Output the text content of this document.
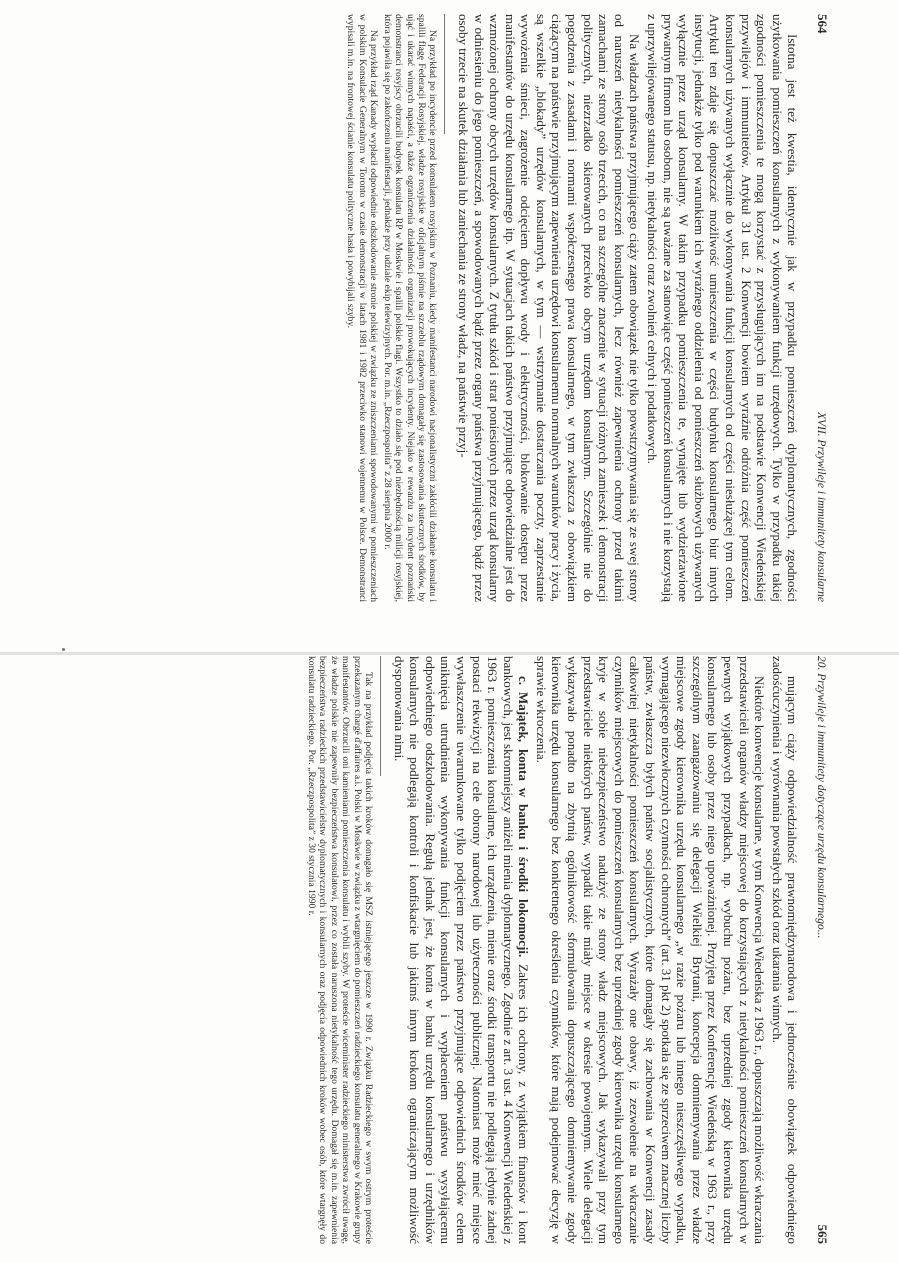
564
XVII. Przywileje i immunitety konsularne

Istotna jest też kwestia, identycznie jak w przypadku pomieszczeń dyplomatycznych, zgodności użytkowania pomieszczeń konsularnych z wykonywaniem funkcji urzędowych. Tylko w przypadku takiej zgodności pomieszczenia te mogą korzystać z przysługujących im na podstawie Konwencji Wiedeńskiej przywilejów i immunitetów. Artykuł 31 ust. 2 Konwencji bowiem wyraźnie odróżnia część pomieszczeń konsularnych używanych wyłącznie do wykonywania funkcji konsularnych od części niesłużącej tym celom. Artykuł ten zdaje się dopuszczać możliwość umieszczenia w części budynku konsularnego biur innych instytucji, jednakże tylko pod warunkiem ich wyraźnego oddzielenia od pomieszczeń służbowych używanych wyłącznie przez urząd konsularny. W takim przypadku pomieszczenia te, wynajęte lub wydzierżawione prywatnym firmom lub osobom, nie są uważane za stanowiące część pomieszczeń konsularnych i nie korzystają z uprzywilejowanego statusu, np. nietykalności oraz zwolnień celnych i podatkowych.

Na władzach państwa przyjmującego ciąży zatem obowiązek nie tylko powstrzymywania się ze swej strony od naruszeń nietykalności pomieszczeń konsularnych, lecz również zapewnienia ochrony przed takimi zamachami ze strony osób trzecich, co ma szczególne znaczenie w sytuacji różnych zamieszek i demonstracji politycznych, niezrzadko skierowanych przeciwko obcym urzędom konsularnym. Szczególnie nie do pogodzenia z zasadami i normami współczesnego prawa konsularnego, w tym zwłaszcza z obowiązkiem ciążącym na państwie przyjmującym zapewnienia urzędowi konsularnemu normalnych warunków pracy i życia, są wszelkie „blokady” urzędów konsularnych, w tym — wstrzymanie dostarczania poczty, zaprzestanie wywożenia śmieci, zagrożenie odcięciem dopływu wody i elektryczności, blokowanie dostępu przez manifestantów do urzędu konsularnego itp. W sytuacjach takich państwo przyjmujące odpowiedzialne jest do wzmożonej ochrony obcych urzędów konsularnych. Z tytułu szkód i strat poniesionych przez urząd konsularny w odniesieniu do jego pomieszczeń, a spowodowanych bądź przez organy państwa przyjmującego, bądź przez osoby trzecie na skutek działania lub zaniechania ze strony władz, na państwie przyj-

Na przykład po incydencie przed konsulatem rosyjskim w Poznaniu, kiedy manifestanci narodowi nacjonalistyczni zakłócili działanie konsulatu i spalili flagę Federacji Rosyjskiej, władze rosyjskie w oficjalnym piśmie na szczeblu rządowym domagały się zastosowania skutecznych środków, by ująć i ukarać winnych napaści, a także ograniczenia działalności organizacji prowokujących incydenty. Niejako w rewanżu za incydent poznański demonstranci rosyjscy obrzucili budynek konsulatu RP w Moskwie i spalili polskie flagi. Wszystko to działo się pod niezbędnością milicji rosyjskiej, która pojawiła się po zakończeniu manifestacji, jednakże przy udziale ekip telewizyjnych. Por. m.in. „Rzeczpospolita” z 28 sierpnia 2000 r.

Na przykład rząd Kanady wypłacił odpowiednie odszkodowanie stronie polskiej w związku ze zniszczeniami spowodowanymi w pomieszczeniach w polskim Konsulacie Generalnym w Toronto w czasie demonstracji w latach 1981 i 1982 przeciwko stanowi wojennemu w Polsce. Demonstranci wypisali m.in. na frontowej ścianie konsulatu polityczne hasła i powybijali szyby.

20. Przywileje i immunitety dotyczące urzędu konsularnego...
565

mującym ciąży odpowiedzialność prawnomiędzynarodowa i jednocześnie obowiązek odpowiedniego zadośćuczynienia i wyrównania powstałych szkód oraz ukarania winnych.

Niektóre konwencje konsularne, w tym Konwencja Wiedeńska z 1963 r., dopuszczają możliwość wkraczania przedstawicieli organów władzy miejscowej do korzystających z nietykalności pomieszczeń konsularnych w pewnych wyjątkowych przypadkach, np. wybuchu pożaru, bez uprzedniej zgody kierownika urzędu konsularnego lub osoby przez niego upoważnionej. Przyjęta przez Konferencję Wiedeńską w 1963 r., przy szczególnym zaangażowaniu się delegacji Wielkiej Brytanii, koncepcja domniemywania przez władze miejscowe zgody kierownika urzędu konsularnego „w razie pożaru lub innego nieszczęśliwego wypadku, wymagającego niezwłocznych czynności ochronnych” (art. 31 pkt 2) spotkała się ze sprzeciwem znacznej liczby państw, zwłaszcza byłych państw socjalistycznych, które domagały się zachowania w Konwencji zasady całkowitej nietykalności pomieszczeń konsularnych. Wyrażały one obawy, iż zezwolenie na wkraczanie czynników miejscowych do pomieszczeń konsularnych bez uprzedniej zgody kierownika urzędu konsularnego kryje w sobie niebezpieczeństwo nadużyć ze strony władz miejscowych. Jak wykazywali przy tym przedstawiciele niektórych państw, wypadki takie miały miejsce w okresie powojennym. Wiele delegacji wykazywało ponadto na zbytnią ogólnikowość sformułowania dopuszczającego domniemywanie zgody kierownika urzędu konsularnego bez konkretnego określenia czynników, które mają podejmować decyzję w sprawie wkroczenia.

c. Majątek, konta w banku i środki lokomocji. Zakres ich ochrony, z wyjątkiem finansów i kont bankowych, jest skromniejszy aniżeli mienia dyplomatycznego. Zgodnie z art. 3 ust. 4 Konwencji Wiedeńskiej z 1963 r. pomieszczenia konsularne, ich urządzenia, mienie oraz środki transportu nie podlegają jedynie żadnej postaci rekwizycji na cele obrony narodowej lub użyteczności publicznej. Natomiast może mieć miejsce wywłaszczenie uwarunkowane tylko podjęciem przez państwo przyjmujące odpowiednich środków celem uniknięcia utrudnienia wykonywania funkcji konsularnych i wypłaceniem państwu wysyłającemu odpowiedniego odszkodowania. Regułą jednak jest, że konta w banku urzędu konsularnego i urzędników konsularnych nie podlegają kontroli i konfiskacie lub jakimś innym krokom ograniczającym możliwość dysponowania nimi.

Tak na przykład podjęcia takich kroków domagało się MSZ istniejącego jeszcze w 1990 r. Związku Radzieckiego w swym ostrym proteście przekazanym chargé d'affaires a.i. Polski w Moskwie w związku z wtargnięciem do pomieszczeń radzieckiego konsulatu generalnego w Krakowie grupy manifestantów. Obrzucili oni kamieniami pomieszczenia konsulatu i wybili szyby. W proteście wiceminister radzieckiego ministerstwa zwrócił uwagę, że władze polskie nie zapewniły bezpieczeństwa konsulatowi, przez co została naruszona nietykalność tego urzędu. Domagał się m.in. zapewnienia bezpieczeństwa radzieckich przedstawicielstw dyplomatycznych i konsularnych oraz podjęcia odpowiednich kroków wobec osób, które wtargnęły do konsulatu radzieckiego. Por. „Rzeczpospolita” z 30 stycznia 1990 r.
